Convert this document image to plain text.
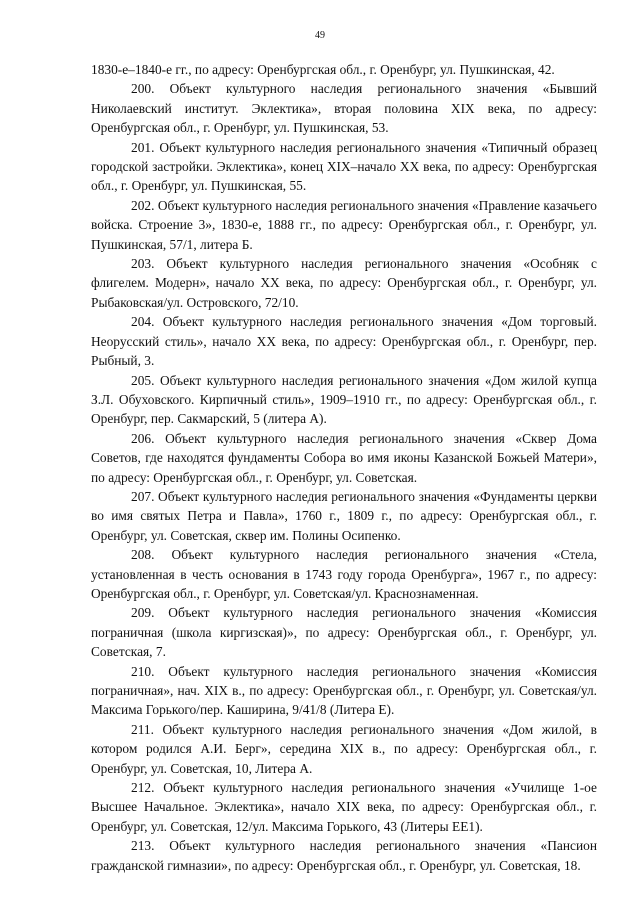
49

1830-е–1840-е гг., по адресу: Оренбургская обл., г. Оренбург, ул. Пушкинская, 42.

200. Объект культурного наследия регионального значения «Бывший Николаевский институт. Эклектика», вторая половина XIX века, по адресу: Оренбургская обл., г. Оренбург, ул. Пушкинская, 53.

201. Объект культурного наследия регионального значения «Типичный образец городской застройки. Эклектика», конец XIX–начало XX века, по адресу: Оренбургская обл., г. Оренбург, ул. Пушкинская, 55.

202. Объект культурного наследия регионального значения «Правление казачьего войска. Строение 3», 1830-е, 1888 гг., по адресу: Оренбургская обл., г. Оренбург, ул. Пушкинская, 57/1, литера Б.

203. Объект культурного наследия регионального значения «Особняк с флигелем. Модерн», начало XX века, по адресу: Оренбургская обл., г. Оренбург, ул. Рыбаковская/ул. Островского, 72/10.

204. Объект культурного наследия регионального значения «Дом торговый. Неорусский стиль», начало XX века, по адресу: Оренбургская обл., г. Оренбург, пер. Рыбный, 3.

205. Объект культурного наследия регионального значения «Дом жилой купца З.Л. Обуховского. Кирпичный стиль», 1909–1910 гг., по адресу: Оренбургская обл., г. Оренбург, пер. Сакмарский, 5 (литера А).

206. Объект культурного наследия регионального значения «Сквер Дома Советов, где находятся фундаменты Собора во имя иконы Казанской Божьей Матери», по адресу: Оренбургская обл., г. Оренбург, ул. Советская.

207. Объект культурного наследия регионального значения «Фундаменты церкви во имя святых Петра и Павла», 1760 г., 1809 г., по адресу: Оренбургская обл., г. Оренбург, ул. Советская, сквер им. Полины Осипенко.

208. Объект культурного наследия регионального значения «Стела, установленная в честь основания в 1743 году города Оренбурга», 1967 г., по адресу: Оренбургская обл., г. Оренбург, ул. Советская/ул. Краснознаменная.

209. Объект культурного наследия регионального значения «Комиссия пограничная (школа киргизская)», по адресу: Оренбургская обл., г. Оренбург, ул. Советская, 7.

210. Объект культурного наследия регионального значения «Комиссия пограничная», нач. XIX в., по адресу: Оренбургская обл., г. Оренбург, ул. Советская/ул. Максима Горького/пер. Каширина, 9/41/8 (Литера Е).

211. Объект культурного наследия регионального значения «Дом жилой, в котором родился А.И. Берг», середина XIX в., по адресу: Оренбургская обл., г. Оренбург, ул. Советская, 10, Литера А.

212. Объект культурного наследия регионального значения «Училище 1-ое Высшее Начальное. Эклектика», начало XIX века, по адресу: Оренбургская обл., г. Оренбург, ул. Советская, 12/ул. Максима Горького, 43 (Литеры ЕЕ1).

213. Объект культурного наследия регионального значения «Пансион гражданской гимназии», по адресу: Оренбургская обл., г. Оренбург, ул. Советская, 18.
